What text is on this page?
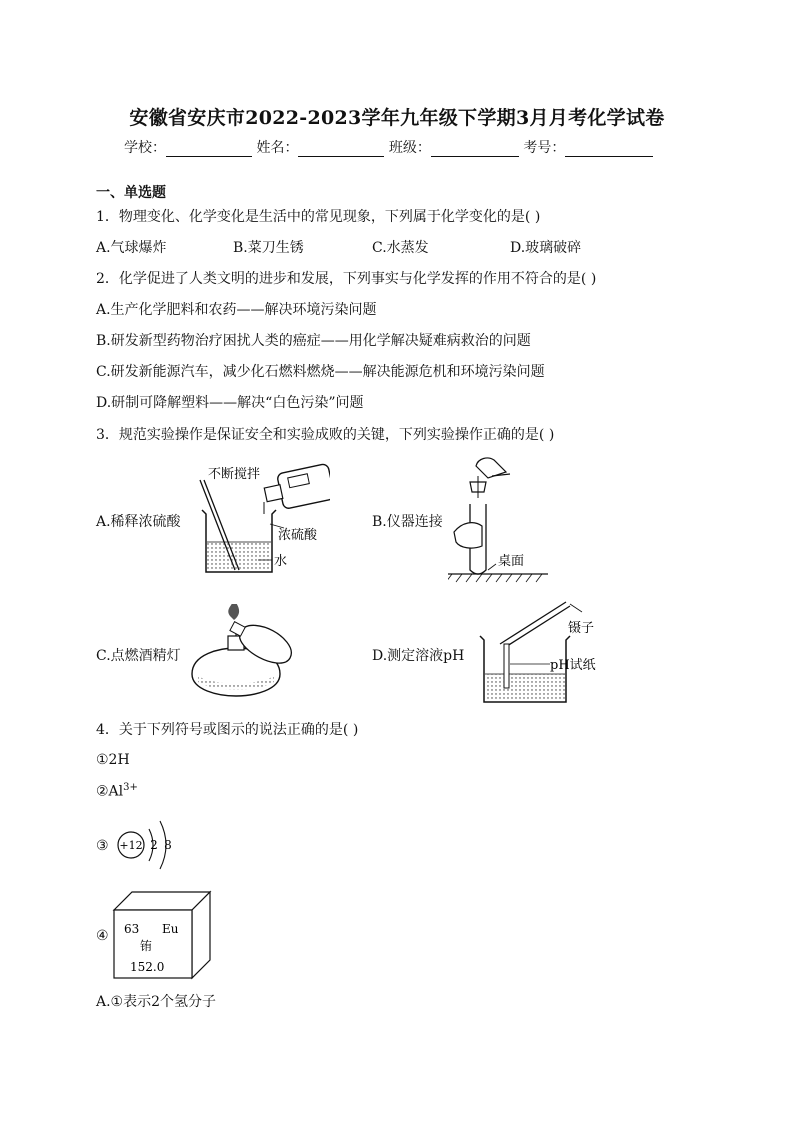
安徽省安庆市2022-2023学年九年级下学期3月月考化学试卷
学校：	姓名：	班级：	考号：
一、单选题
1．物理变化、化学变化是生活中的常见现象，下列属于化学变化的是( )
A.气球爆炸	B.菜刀生锈	C.水蒸发	D.玻璃破碎
2．化学促进了人类文明的进步和发展，下列事实与化学发挥的作用不符合的是( )
A.生产化学肥料和农药——解决环境污染问题
B.研发新型药物治疗困扰人类的癌症——用化学解决疑难病救治的问题
C.研发新能源汽车，减少化石燃料燃烧——解决能源危机和环境污染问题
D.研制可降解塑料——解决“白色污染”问题
3．规范实验操作是保证安全和实验成败的关键，下列实验操作正确的是( )
A.稀释浓硫酸	B.仪器连接
C.点燃酒精灯	D.测定溶液pH
不断搅拌
浓硫酸
水	桌面
镊子
pH试纸
4．关于下列符号或图示的说法正确的是( )
①2H
$②Al^{3+}$
③ +12 2 8
④ 63 Eu
铕
152.0
A.①表示2个氢分子
